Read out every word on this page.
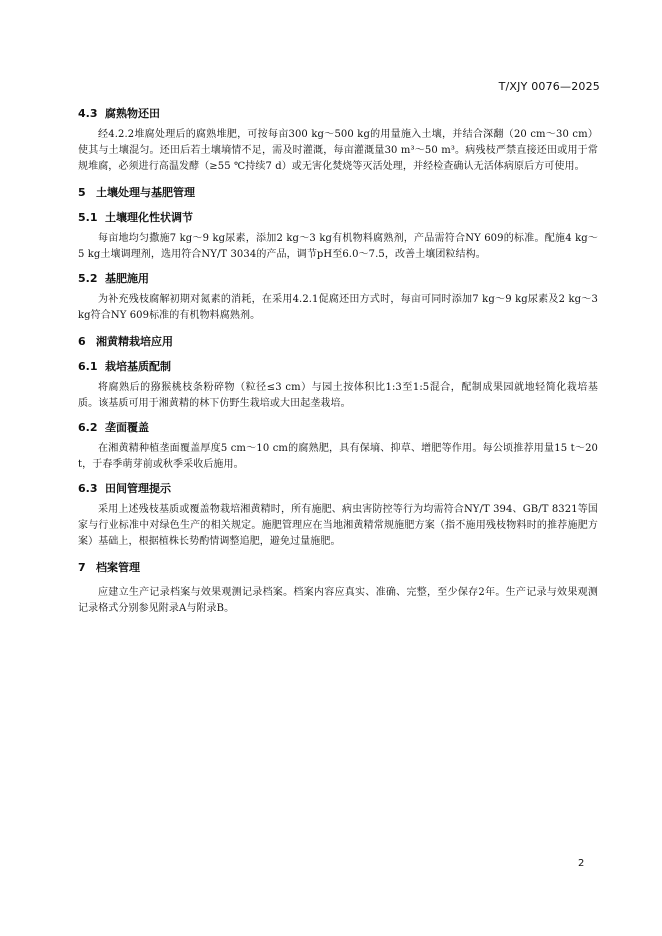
T/XJY 0076—2025
4.3 腐熟物还田

经4.2.2堆腐处理后的腐熟堆肥，可按每亩300 kg～500 kg的用量施入土壤，并结合深翻（20 cm～30 cm）使其与土壤混匀。还田后若土壤墒情不足，需及时灌溉，每亩灌溉量30 m³～50 m³。病残枝严禁直接还田或用于常规堆腐，必须进行高温发酵（≥55 ℃持续7 d）或无害化焚烧等灭活处理，并经检查确认无活体病原后方可使用。

5 土壤处理与基肥管理
5.1 土壤理化性状调节

每亩地均匀撒施7 kg～9 kg尿素，添加2 kg～3 kg有机物料腐熟剂，产品需符合NY 609的标准。配施4 kg～5 kg土壤调理剂，选用符合NY/T 3034的产品，调节pH至6.0～7.5，改善土壤团粒结构。

5.2 基肥施用

为补充残枝腐解初期对氮素的消耗，在采用4.2.1促腐还田方式时，每亩可同时添加7 kg～9 kg尿素及2 kg～3 kg符合NY 609标准的有机物料腐熟剂。

6 湘黄精栽培应用
6.1 栽培基质配制

将腐熟后的猕猴桃枝条粉碎物（粒径≤3 cm）与园土按体积比1:3至1:5混合，配制成果园就地轻简化栽培基质。该基质可用于湘黄精的林下仿野生栽培或大田起垄栽培。

6.2 垄面覆盖

在湘黄精种植垄面覆盖厚度5 cm～10 cm的腐熟肥，具有保墒、抑草、增肥等作用。每公顷推荐用量15 t～20 t，于春季萌芽前或秋季采收后施用。

6.3 田间管理提示

采用上述残枝基质或覆盖物栽培湘黄精时，所有施肥、病虫害防控等行为均需符合NY/T 394、GB/T 8321等国家与行业标准中对绿色生产的相关规定。施肥管理应在当地湘黄精常规施肥方案（指不施用残枝物料时的推荐施肥方案）基础上，根据植株长势酌情调整追肥，避免过量施肥。

7 档案管理

应建立生产记录档案与效果观测记录档案。档案内容应真实、准确、完整，至少保存2年。生产记录与效果观测记录格式分别参见附录A与附录B。

2
